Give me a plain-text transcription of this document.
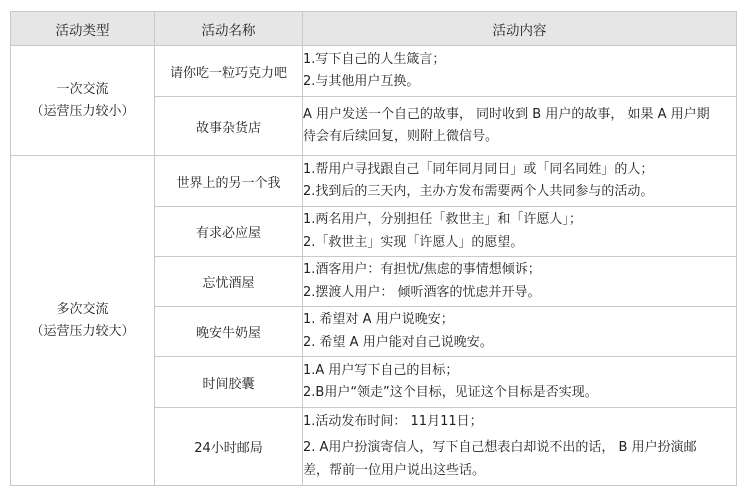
活动类型	活动名称	活动内容

一次交流
（运营压力较小）	请你吃一粒巧克力吧	1.写下自己的人生箴言；
2.与其他用户互换。

	故事杂货店	A 用户发送一个自己的故事， 同时收到 B 用户的故事， 如果 A 用户期
待会有后续回复，则附上微信号。

多次交流
（运营压力较大）	世界上的另一个我	1.帮用户寻找跟自己「同年同月同日」或「同名同姓」的人；
2.找到后的三天内，主办方发布需要两个人共同参与的活动。

	有求必应屋	1.两名用户，分别担任「救世主」和「许愿人」；
2.「救世主」实现「许愿人」的愿望。

	忘忧酒屋	1.酒客用户：有担忧/焦虑的事情想倾诉；
2.摆渡人用户： 倾听酒客的忧虑并开导。

	晚安牛奶屋	1. 希望对 A 用户说晚安；
2. 希望 A 用户能对自己说晚安。

	时间胶囊	1.A 用户写下自己的目标；
2.B用户“领走”这个目标，见证这个目标是否实现。

	24小时邮局	1.活动发布时间： 11月11日；
2. A用户扮演寄信人，写下自己想表白却说不出的话， B 用户扮演邮
差，帮前一位用户说出这些话。
